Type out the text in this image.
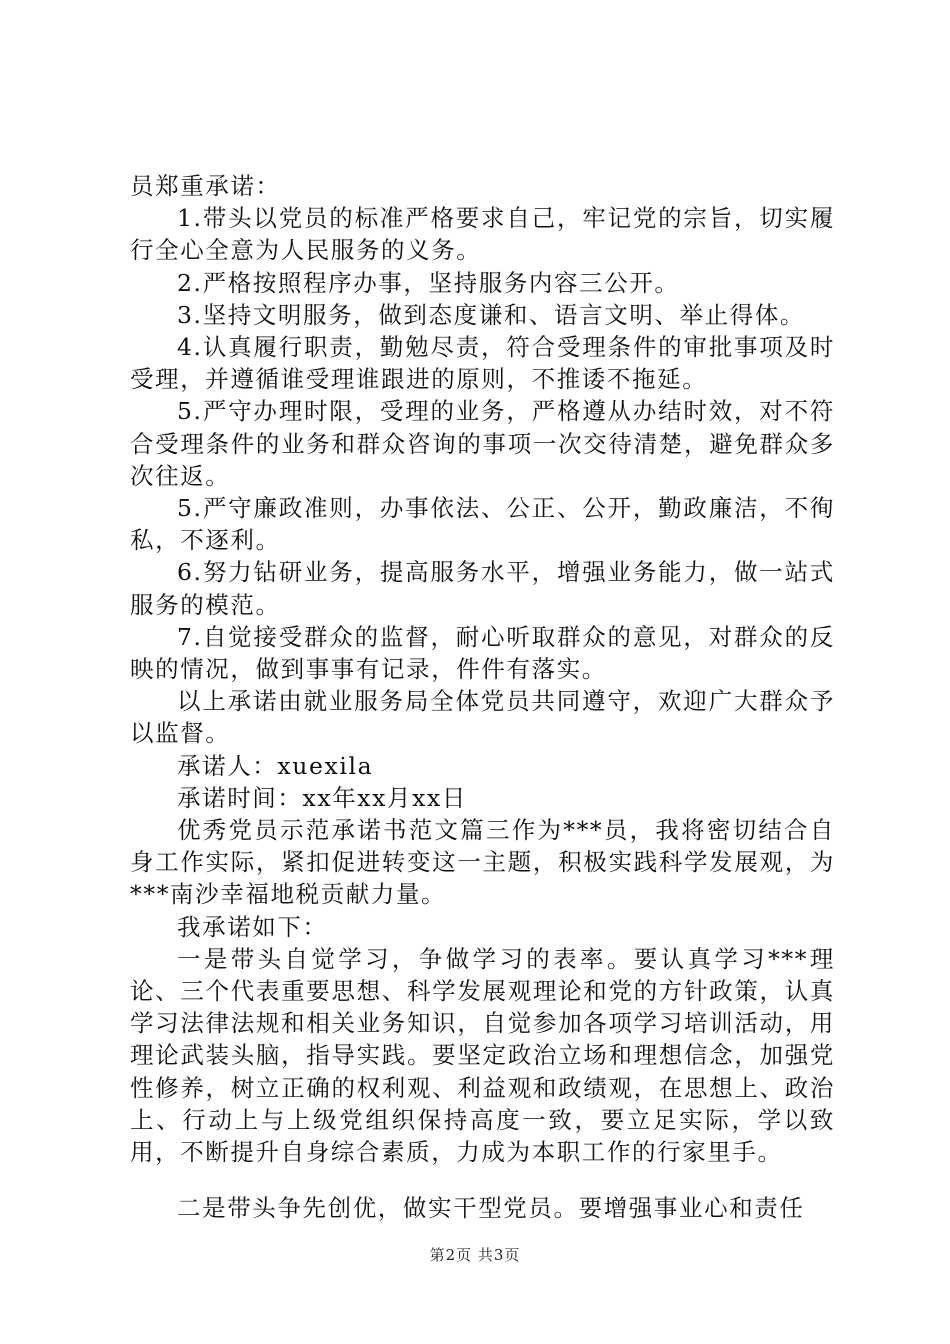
员郑重承诺：

1.带头以党员的标准严格要求自己，牢记党的宗旨，切实履行全心全意为人民服务的义务。

2.严格按照程序办事，坚持服务内容三公开。

3.坚持文明服务，做到态度谦和、语言文明、举止得体。

4.认真履行职责，勤勉尽责，符合受理条件的审批事项及时受理，并遵循谁受理谁跟进的原则，不推诿不拖延。

5.严守办理时限，受理的业务，严格遵从办结时效，对不符合受理条件的业务和群众咨询的事项一次交待清楚，避免群众多次往返。

5.严守廉政准则，办事依法、公正、公开，勤政廉洁，不徇私，不逐利。

6.努力钻研业务，提高服务水平，增强业务能力，做一站式服务的模范。

7.自觉接受群众的监督，耐心听取群众的意见，对群众的反映的情况，做到事事有记录，件件有落实。

以上承诺由就业服务局全体党员共同遵守，欢迎广大群众予以监督。

承诺人：xuexila

承诺时间：xx年xx月xx日

优秀党员示范承诺书范文篇三作为***员，我将密切结合自身工作实际，紧扣促进转变这一主题，积极实践科学发展观，为***南沙幸福地税贡献力量。

我承诺如下：

一是带头自觉学习，争做学习的表率。要认真学习***理论、三个代表重要思想、科学发展观理论和党的方针政策，认真学习法律法规和相关业务知识，自觉参加各项学习培训活动，用理论武装头脑，指导实践。要坚定政治立场和理想信念，加强党性修养，树立正确的权利观、利益观和政绩观，在思想上、政治上、行动上与上级党组织保持高度一致，要立足实际，学以致用，不断提升自身综合素质，力成为本职工作的行家里手。

二是带头争先创优，做实干型党员。要增强事业心和责任

第2页 共3页
